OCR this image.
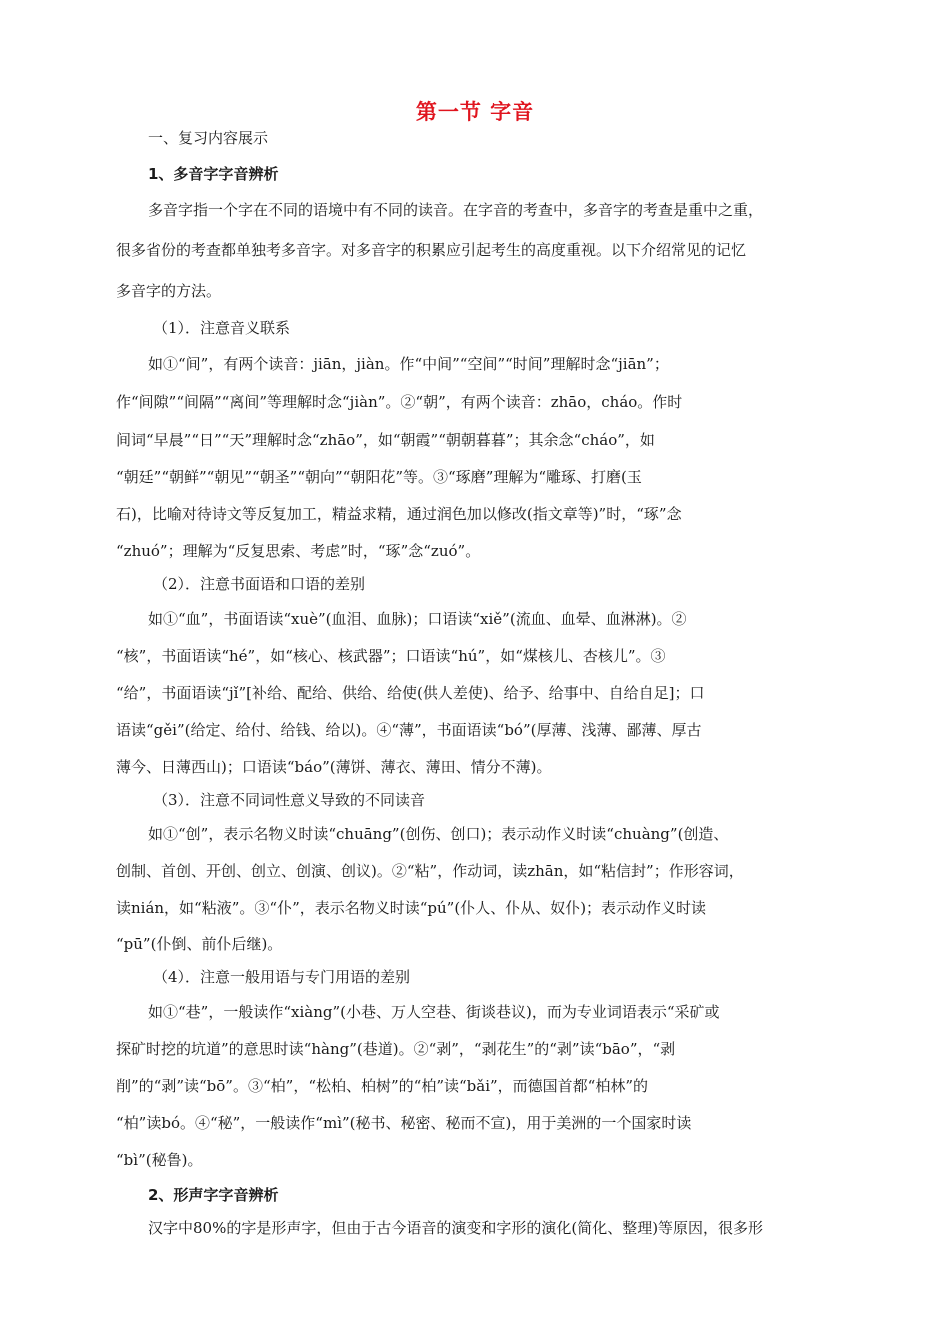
第一节 字音
一、复习内容展示
1、多音字字音辨析
多音字指一个字在不同的语境中有不同的读音。在字音的考查中，多音字的考查是重中之重，
很多省份的考查都单独考多音字。对多音字的积累应引起考生的高度重视。以下介绍常见的记忆
多音字的方法。
（1）．注意音义联系
如①“间”，有两个读音：jiān，jiàn。作“中间”“空间”“时间”理解时念“jiān”；
作“间隙”“间隔”“离间”等理解时念“jiàn”。②“朝”，有两个读音：zhāo，cháo。作时
间词“早晨”“日”“天”理解时念“zhāo”，如“朝霞”“朝朝暮暮”；其余念“cháo”，如
“朝廷”“朝鲜”“朝见”“朝圣”“朝向”“朝阳花”等。③“琢磨”理解为“雕琢、打磨(玉
石)，比喻对待诗文等反复加工，精益求精，通过润色加以修改(指文章等)”时，“琢”念
“zhuó”；理解为“反复思索、考虑”时，“琢”念“zuó”。
（2）．注意书面语和口语的差别
如①“血”，书面语读“xuè”(血泪、血脉)；口语读“xiě”(流血、血晕、血淋淋)。②
“核”，书面语读“hé”，如“核心、核武器”；口语读“hú”，如“煤核儿、杏核儿”。③
“给”，书面语读“jǐ”[补给、配给、供给、给使(供人差使)、给予、给事中、自给自足]；口
语读“gěi”(给定、给付、给钱、给以)。④“薄”，书面语读“bó”(厚薄、浅薄、鄙薄、厚古
薄今、日薄西山)；口语读“báo”(薄饼、薄衣、薄田、情分不薄)。
（3）．注意不同词性意义导致的不同读音
如①“创”，表示名物义时读“chuāng”(创伤、创口)；表示动作义时读“chuàng”(创造、
创制、首创、开创、创立、创演、创议)。②“粘”，作动词，读zhān，如“粘信封”；作形容词，
读nián，如“粘液”。③“仆”，表示名物义时读“pú”(仆人、仆从、奴仆)；表示动作义时读
“pū”(仆倒、前仆后继)。
（4）．注意一般用语与专门用语的差别
如①“巷”，一般读作“xiàng”(小巷、万人空巷、街谈巷议)，而为专业词语表示“采矿或
探矿时挖的坑道”的意思时读“hàng”(巷道)。②“剥”，“剥花生”的“剥”读“bāo”，“剥
削”的“剥”读“bō”。③“柏”，“松柏、柏树”的“柏”读“bǎi”，而德国首都“柏林”的
“柏”读bó。④“秘”，一般读作“mì”(秘书、秘密、秘而不宣)，用于美洲的一个国家时读
“bì”(秘鲁)。
2、形声字字音辨析
汉字中80%的字是形声字，但由于古今语音的演变和字形的演化(简化、整理)等原因，很多形
